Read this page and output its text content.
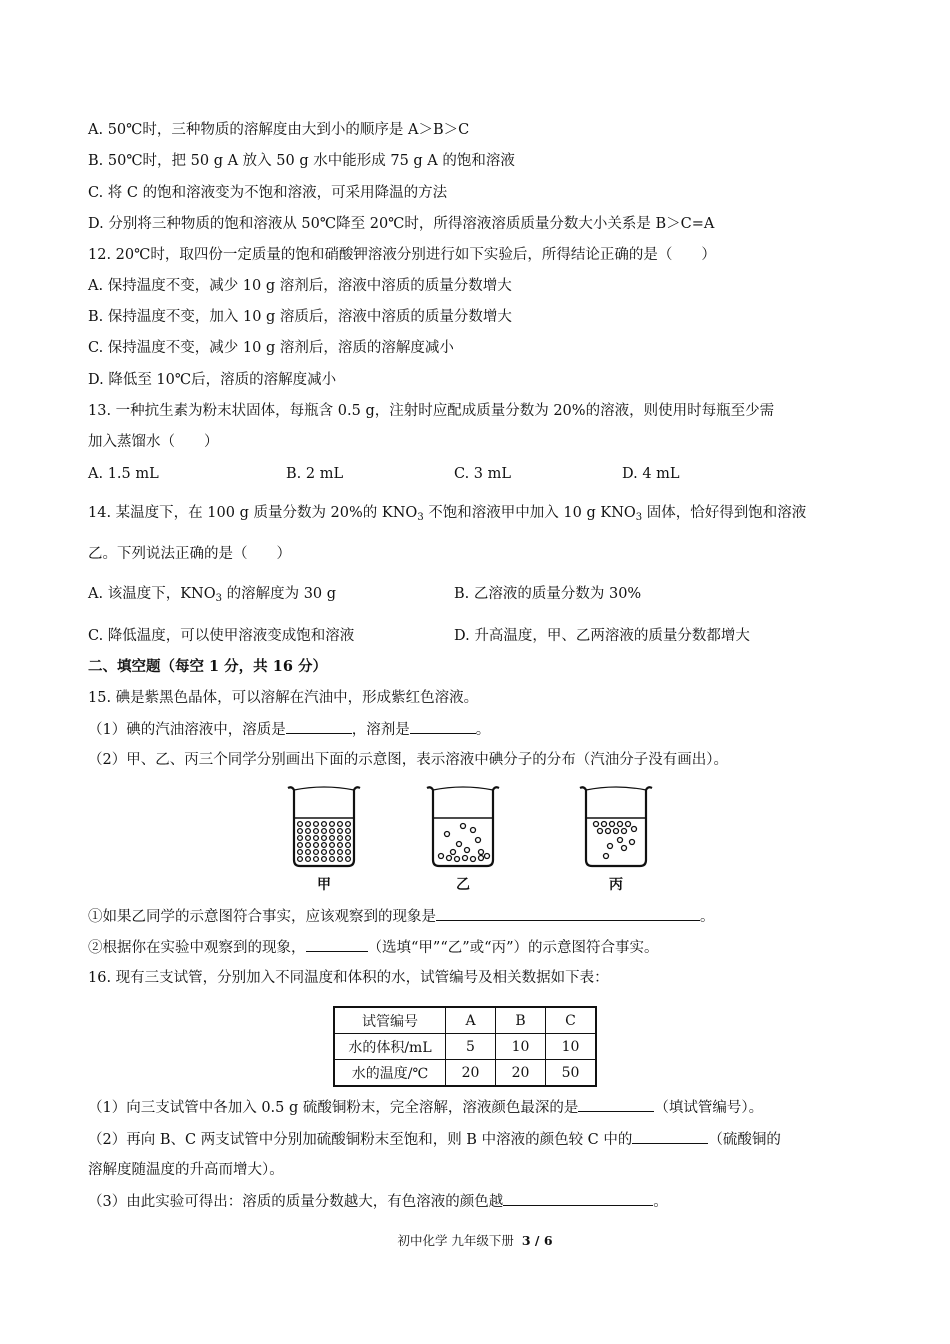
A. 50℃时，三种物质的溶解度由大到小的顺序是 A＞B＞C
B. 50℃时，把 50 g A 放入 50 g 水中能形成 75 g A 的饱和溶液
C. 将 C 的饱和溶液变为不饱和溶液，可采用降温的方法
D. 分别将三种物质的饱和溶液从 50℃降至 20℃时，所得溶液溶质质量分数大小关系是 B＞C=A
12. 20℃时，取四份一定质量的饱和硝酸钾溶液分别进行如下实验后，所得结论正确的是（　　）
A. 保持温度不变，减少 10 g 溶剂后，溶液中溶质的质量分数增大
B. 保持温度不变，加入 10 g 溶质后，溶液中溶质的质量分数增大
C. 保持温度不变，减少 10 g 溶剂后，溶质的溶解度减小
D. 降低至 10℃后，溶质的溶解度减小
13. 一种抗生素为粉末状固体，每瓶含 0.5 g，注射时应配成质量分数为 20%的溶液，则使用时每瓶至少需
加入蒸馏水（　　）
A. 1.5 mL	B. 2 mL	C. 3 mL	D. 4 mL
14. 某温度下，在 100 g 质量分数为 20%的 $KNO_3$ 不饱和溶液甲中加入 10 g $KNO_3$ 固体，恰好得到饱和溶液
乙。下列说法正确的是（　　）
A. 该温度下，$KNO_3$ 的溶解度为 30 g	B. 乙溶液的质量分数为 30%
C. 降低温度，可以使甲溶液变成饱和溶液	D. 升高温度，甲、乙两溶液的质量分数都增大
二、填空题（每空 1 分，共 16 分）
15. 碘是紫黑色晶体，可以溶解在汽油中，形成紫红色溶液。
（1）碘的汽油溶液中，溶质是	，溶剂是	。
（2）甲、乙、丙三个同学分别画出下面的示意图，表示溶液中碘分子的分布（汽油分子没有画出）。
甲	乙	丙
①如果乙同学的示意图符合事实，应该观察到的现象是	。
②根据你在实验中观察到的现象，	（选填“甲”“乙”或“丙”）的示意图符合事实。
16. 现有三支试管，分别加入不同温度和体积的水，试管编号及相关数据如下表：
试管编号	A	B	C
水的体积/mL	5	10	10
水的温度/℃	20	20	50
（1）向三支试管中各加入 0.5 g 硫酸铜粉末，完全溶解，溶液颜色最深的是	（填试管编号）。
（2）再向 B、C 两支试管中分别加硫酸铜粉末至饱和，则 B 中溶液的颜色较 C 中的	（硫酸铜的
溶解度随温度的升高而增大）。
（3）由此实验可得出：溶质的质量分数越大，有色溶液的颜色越	。
初中化学 九年级下册 3 / 6
